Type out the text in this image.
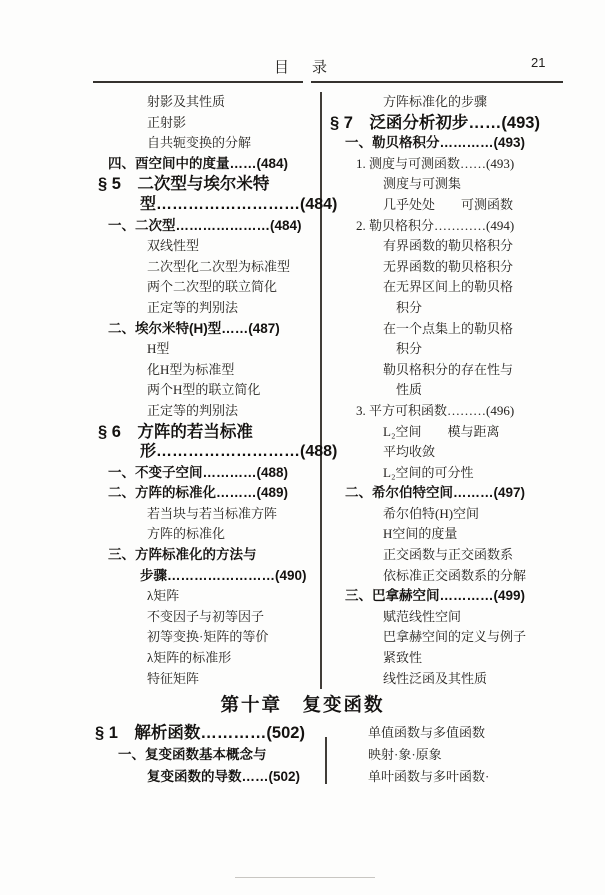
目　录	21
射影及其性质
正射影
自共轭变换的分解
四、酉空间中的度量……(484)
§ 5　二次型与埃尔米特
型………………………(484)
一、二次型…………………(484)
双线性型
二次型化二次型为标准型
两个二次型的联立简化
正定等的判别法
二、埃尔米特(H)型……(487)
H型
化H型为标准型
两个H型的联立简化
正定等的判别法
§ 6　方阵的若当标准
形………………………(488)
一、不变子空间…………(488)
二、方阵的标准化………(489)
若当块与若当标准方阵
方阵的标准化
三、方阵标准化的方法与
步骤……………………(490)
λ矩阵
不变因子与初等因子
初等变换·矩阵的等价
λ矩阵的标准形
特征矩阵
方阵标准化的步骤
§ 7　泛函分析初步……(493)
一、勒贝格积分…………(493)
1. 测度与可测函数……(493)
测度与可测集
几乎处处　　可测函数
2. 勒贝格积分…………(494)
有界函数的勒贝格积分
无界函数的勒贝格积分
在无界区间上的勒贝格
积分
在一个点集上的勒贝格
积分
勒贝格积分的存在性与
性质
3. 平方可积函数………(496)
L₂空间　　模与距离
平均收敛
L₂空间的可分性
二、希尔伯特空间………(497)
希尔伯特(H)空间
H空间的度量
正交函数与正交函数系
依标准正交函数系的分解
三、巴拿赫空间…………(499)
赋范线性空间
巴拿赫空间的定义与例子
紧致性
线性泛函及其性质
第十章　复变函数
§ 1　解析函数…………(502)
一、复变函数基本概念与
复变函数的导数……(502)
单值函数与多值函数
映射·象·原象
单叶函数与多叶函数·
